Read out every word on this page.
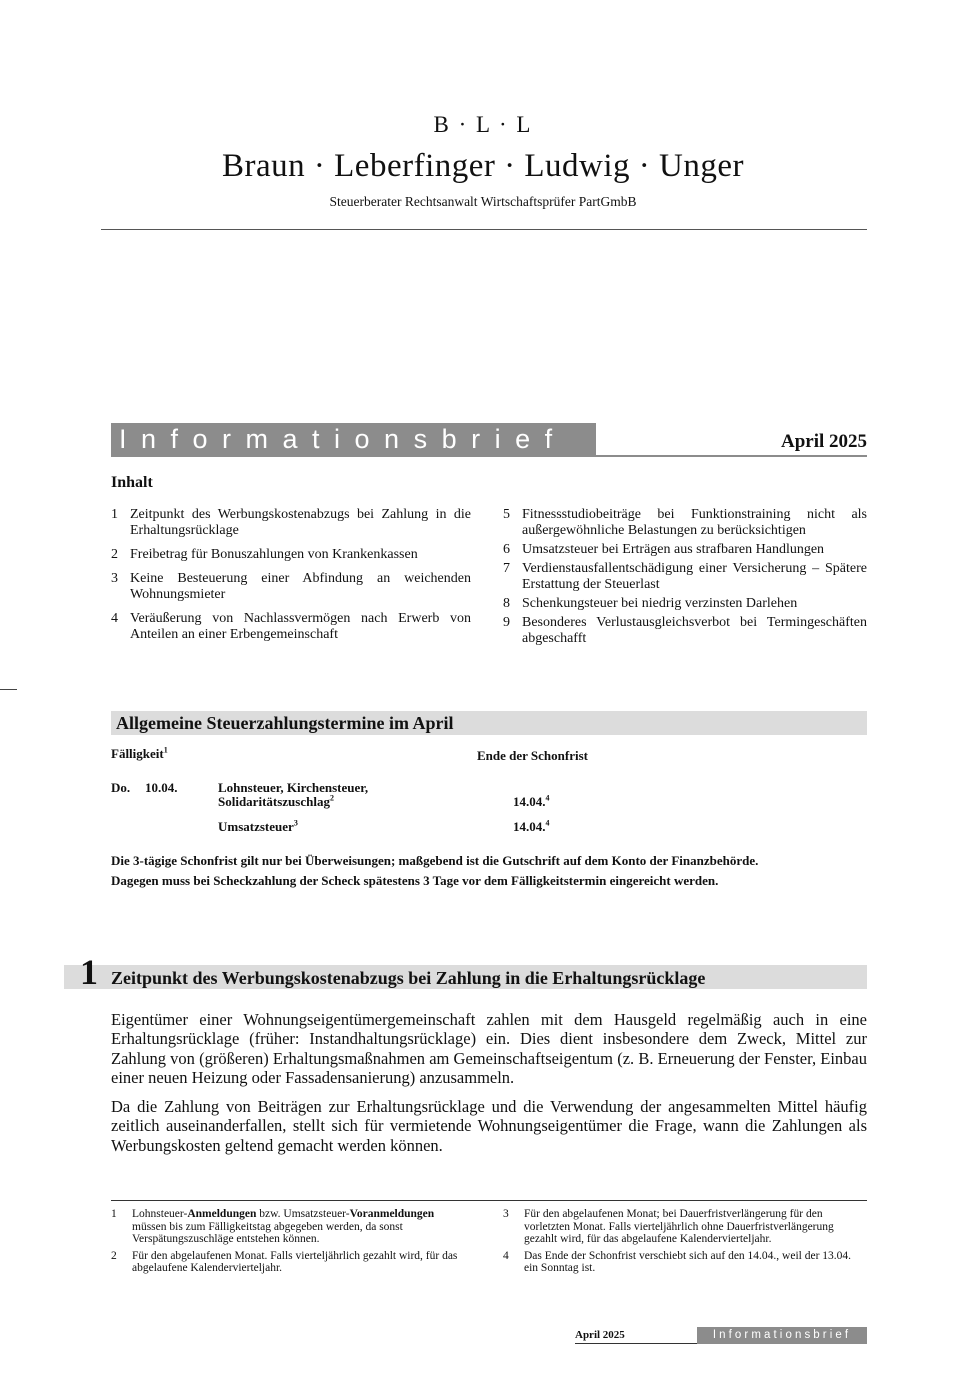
B · L · L
Braun · Leberfinger · Ludwig · Unger
Steuerberater Rechtsanwalt Wirtschaftsprüfer PartGmbB
Informationsbrief	April 2025
Inhalt
1 Zeitpunkt des Werbungskostenabzugs bei Zahlung in die Erhaltungsrücklage
2 Freibetrag für Bonuszahlungen von Krankenkassen
3 Keine Besteuerung einer Abfindung an weichenden Wohnungsmieter
4 Veräußerung von Nachlassvermögen nach Erwerb von Anteilen an einer Erbengemeinschaft
5 Fitnessstudiobeiträge bei Funktionstraining nicht als außergewöhnliche Belastungen zu berücksichtigen
6 Umsatzsteuer bei Erträgen aus strafbaren Handlungen
7 Verdienstausfallentschädigung einer Versicherung – Spätere Erstattung der Steuerlast
8 Schenkungsteuer bei niedrig verzinsten Darlehen
9 Besonderes Verlustausgleichsverbot bei Termingeschäften abgeschafft
Allgemeine Steuerzahlungstermine im April
Fälligkeit$^1$	Ende der Schonfrist
Do. 10.04.	Lohnsteuer, Kirchensteuer,
Solidaritätszuschlag$^2$	14.04.$^4$
Umsatzsteuer$^3$	14.04.$^4$
Die 3-tägige Schonfrist gilt nur bei Überweisungen; maßgebend ist die Gutschrift auf dem Konto der Finanzbehörde.
Dagegen muss bei Scheckzahlung der Scheck spätestens 3 Tage vor dem Fälligkeitstermin eingereicht werden.
1 Zeitpunkt des Werbungskostenabzugs bei Zahlung in die Erhaltungsrücklage

Eigentümer einer Wohnungseigentümergemeinschaft zahlen mit dem Hausgeld regelmäßig auch in eine Erhaltungsrücklage (früher: Instandhaltungsrücklage) ein. Dies dient insbesondere dem Zweck, Mittel zur Zahlung von (größeren) Erhaltungsmaßnahmen am Gemeinschaftseigentum (z. B. Erneuerung der Fenster, Einbau einer neuen Heizung oder Fassadensanierung) anzusammeln.

Da die Zahlung von Beiträgen zur Erhaltungsrücklage und die Verwendung der angesammelten Mittel häufig zeitlich auseinanderfallen, stellt sich für vermietende Wohnungseigentümer die Frage, wann die Zahlungen als Werbungskosten geltend gemacht werden können.

1	Lohnsteuer-Anmeldungen bzw. Umsatzsteuer-Voranmeldungen müssen bis zum Fälligkeitstag abgegeben werden, da sonst Verspätungszuschläge entstehen können.
2	Für den abgelaufenen Monat. Falls vierteljährlich gezahlt wird, für das abgelaufene Kalendervierteljahr.
3	Für den abgelaufenen Monat; bei Dauerfristverlängerung für den vorletzten Monat. Falls vierteljährlich ohne Dauerfristverlängerung gezahlt wird, für das abgelaufene Kalendervierteljahr.
4	Das Ende der Schonfrist verschiebt sich auf den 14.04., weil der 13.04. ein Sonntag ist.
April 2025	Informationsbrief
